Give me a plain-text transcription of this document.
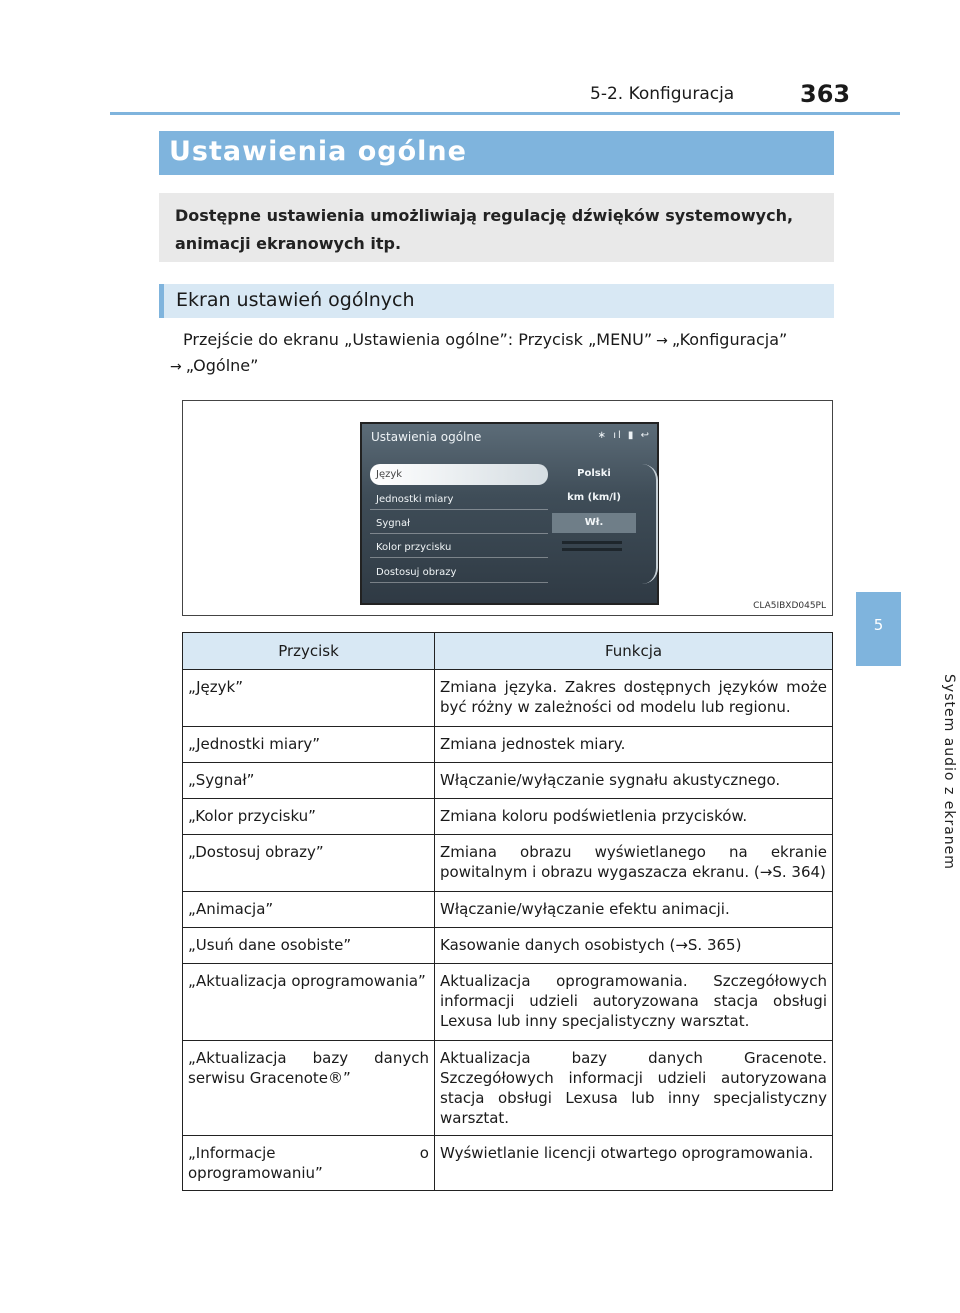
5-2. Konfiguracja	363
5
System audio z ekranem
Ustawienia ogólne

Dostępne ustawienia umożliwiają regulację dźwięków systemowych, animacji ekranowych itp.

Ekran ustawień ogólnych
Przejście do ekranu „Ustawienia ogólne”: Przycisk „MENU” → „Konfiguracja”
→ „Ogólne”
Ustawienia ogólne	∗ ıl ▮ ↩
Język
Jednostki miary
Sygnał
Kolor przycisku
Dostosuj obrazy
Polski
km (km/l)
Wł.
CLA5IBXD045PL
Przycisk	Funkcja

„Język”	Zmiana języka. Zakres dostępnych języków może być różny w zależności od modelu lub regionu.

„Jednostki miary”	Zmiana jednostek miary.

„Sygnał”	Włączanie/wyłączanie sygnału akustycznego.

„Kolor przycisku”	Zmiana koloru podświetlenia przycisków.

„Dostosuj obrazy”	Zmiana obrazu wyświetlanego na ekranie powitalnym i obrazu wygaszacza ekranu. (→S. 364)

„Animacja”	Włączanie/wyłączanie efektu animacji.

„Usuń dane osobiste”	Kasowanie danych osobistych (→S. 365)

„Aktualizacja oprogramowania”	Aktualizacja oprogramowania. Szczegółowych informacji udzieli autoryzowana stacja obsługi Lexusa lub inny specjalistyczny warsztat.

„Aktualizacja bazy danych serwisu Gracenote®”	Aktualizacja bazy danych Gracenote. Szczegółowych informacji udzieli autoryzowana stacja obsługi Lexusa lub inny specjalistyczny warsztat.

„Informacje o oprogramowaniu”	Wyświetlanie licencji otwartego oprogramowania.
